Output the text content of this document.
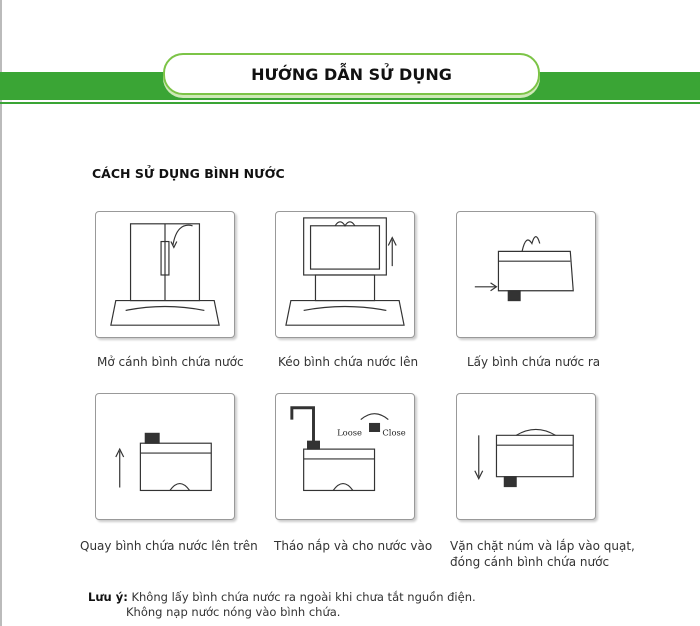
HƯỚNG DẪN SỬ DỤNG
CÁCH SỬ DỤNG BÌNH NƯỚC
Loose Close
Mở cánh bình chứa nước	Kéo bình chứa nước lên	Lấy bình chứa nước ra
Quay bình chứa nước lên trên Tháo nắp và cho nước vào Vặn chặt núm và lắp vào quạt,
đóng cánh bình chứa nước
Lưu ý: Không lấy bình chứa nước ra ngoài khi chưa tắt nguồn điện.
Không nạp nước nóng vào bình chứa.
